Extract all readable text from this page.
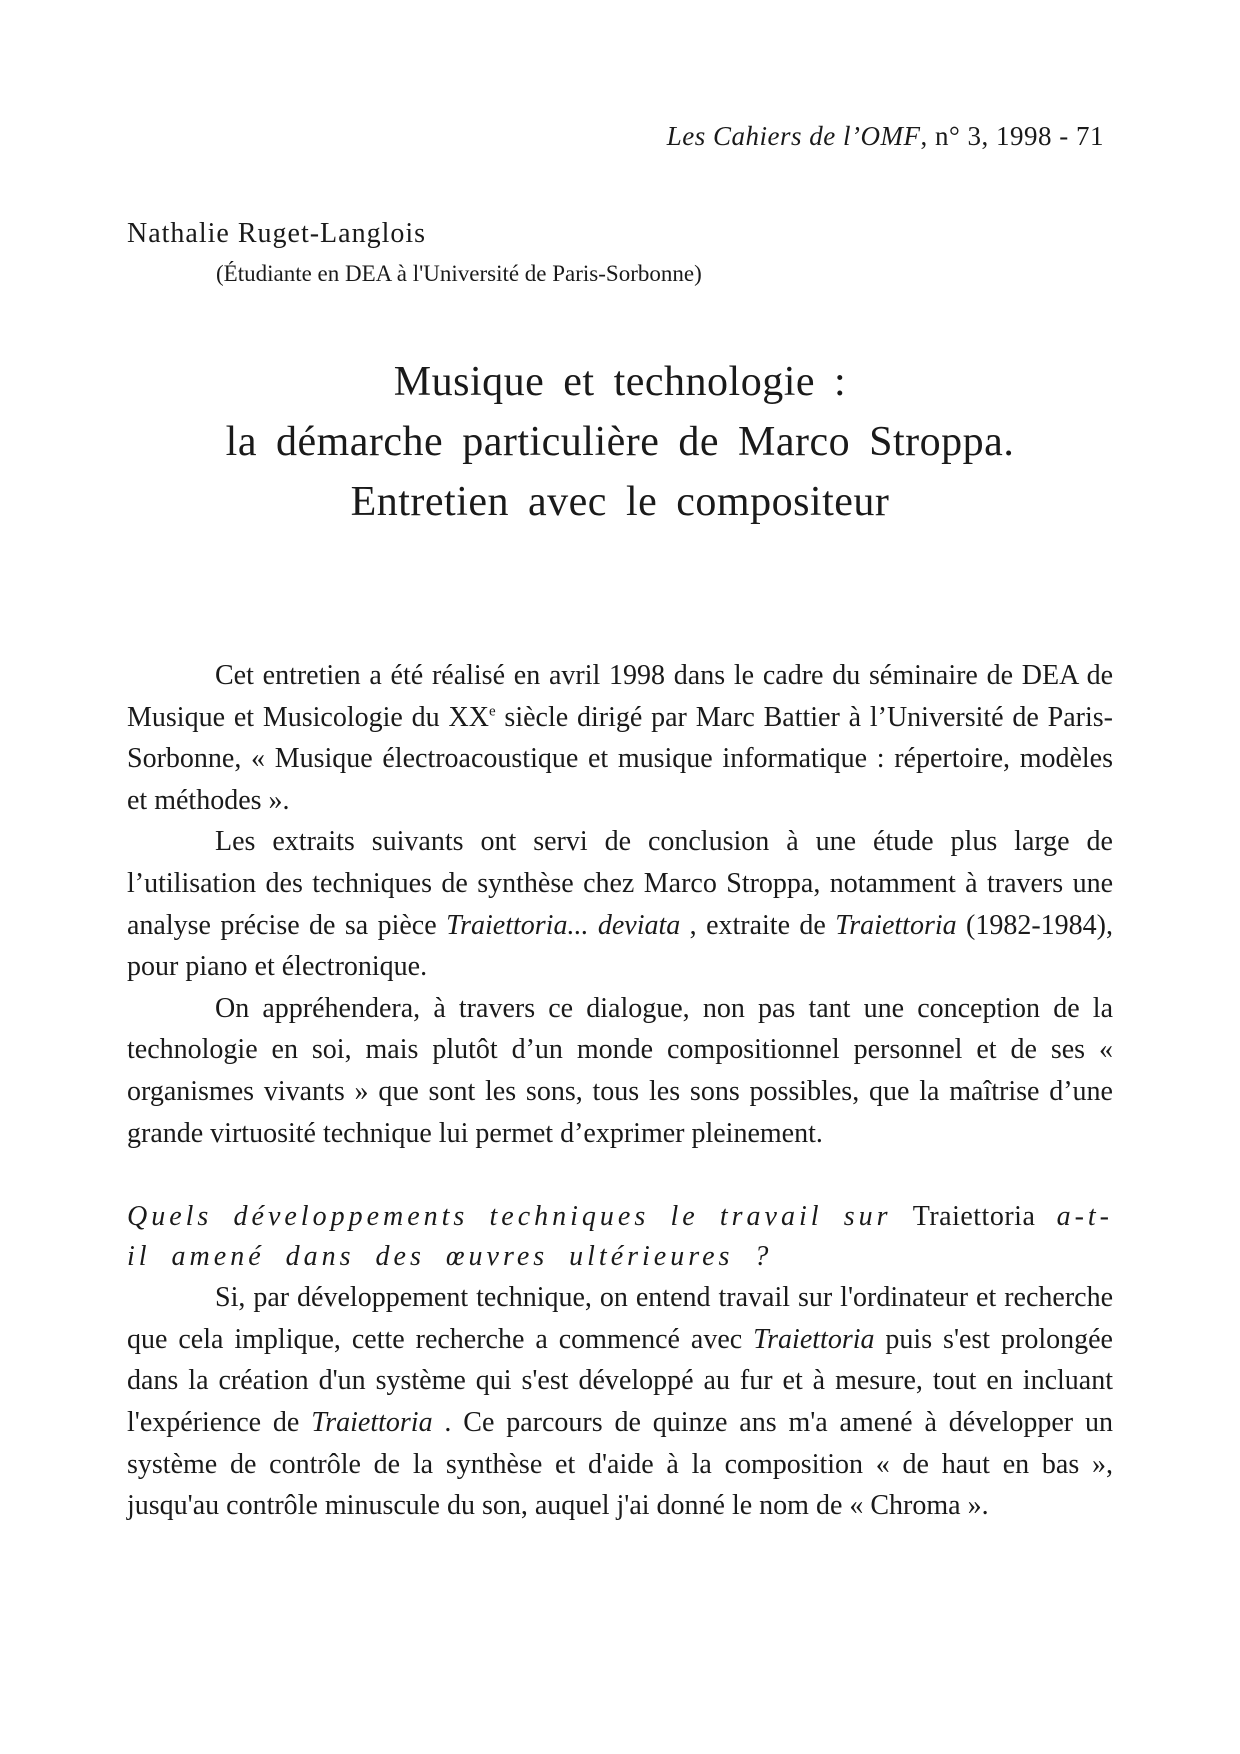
Les Cahiers de l’OMF, n° 3, 1998 - 71
Nathalie Ruget-Langlois
(Étudiante en DEA à l'Université de Paris-Sorbonne)
Musique et technologie :
la démarche particulière de Marco Stroppa.
Entretien avec le compositeur

Cet entretien a été réalisé en avril 1998 dans le cadre du séminaire de DEA de Musique et Musicologie du XXe siècle dirigé par Marc Battier à l’Université de Paris-Sorbonne, « Musique électroacoustique et musique informatique : répertoire, modèles et méthodes ».

Les extraits suivants ont servi de conclusion à une étude plus large de l’utilisation des techniques de synthèse chez Marco Stroppa, notamment à travers une analyse précise de sa pièce Traiettoria... deviata , extraite de Traiettoria (1982-1984), pour piano et électronique.

On appréhendera, à travers ce dialogue, non pas tant une conception de la technologie en soi, mais plutôt d’un monde compositionnel personnel et de ses « organismes vivants » que sont les sons, tous les sons possibles, que la maîtrise d’une grande virtuosité technique lui permet d’exprimer pleinement.

Quels développements techniques le travail sur Traiettoria a-t-il amené dans des œuvres ultérieures ?

Si, par développement technique, on entend travail sur l'ordinateur et recherche que cela implique, cette recherche a commencé avec Traiettoria puis s'est prolongée dans la création d'un système qui s'est développé au fur et à mesure, tout en incluant l'expérience de Traiettoria . Ce parcours de quinze ans m'a amené à développer un système de contrôle de la synthèse et d'aide à la composition « de haut en bas », jusqu'au contrôle minuscule du son, auquel j'ai donné le nom de « Chroma ».
